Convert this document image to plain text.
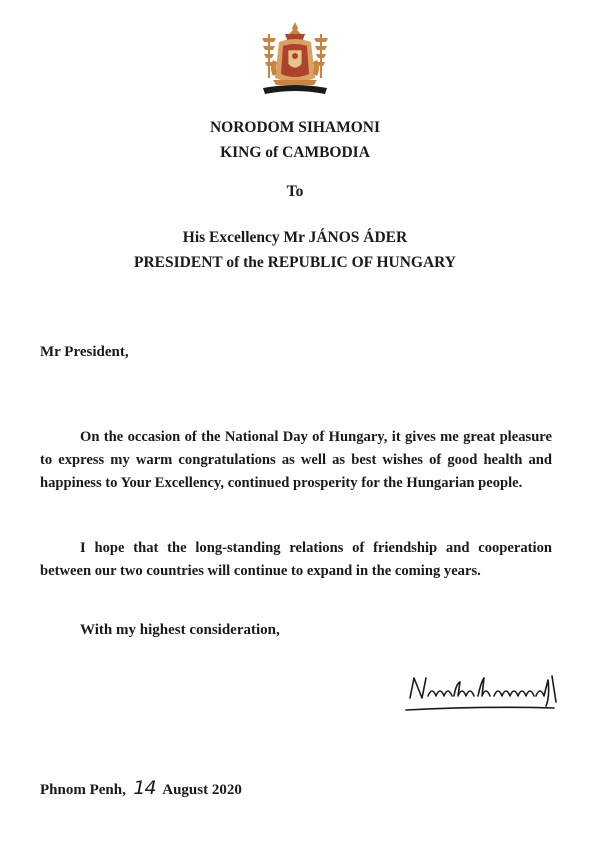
NORODOM SIHAMONI
KING of CAMBODIA
To
His Excellency Mr JÁNOS ÁDER
PRESIDENT of the REPUBLIC OF HUNGARY
Mr President,
On the occasion of the National Day of Hungary, it gives me great pleasure to express my warm congratulations as well as best wishes of good health and happiness to Your Excellency, continued prosperity for the Hungarian people.
I hope that the long-standing relations of friendship and cooperation between our two countries will continue to expand in the coming years.
With my highest consideration,
Phnom Penh, 14 August 2020
